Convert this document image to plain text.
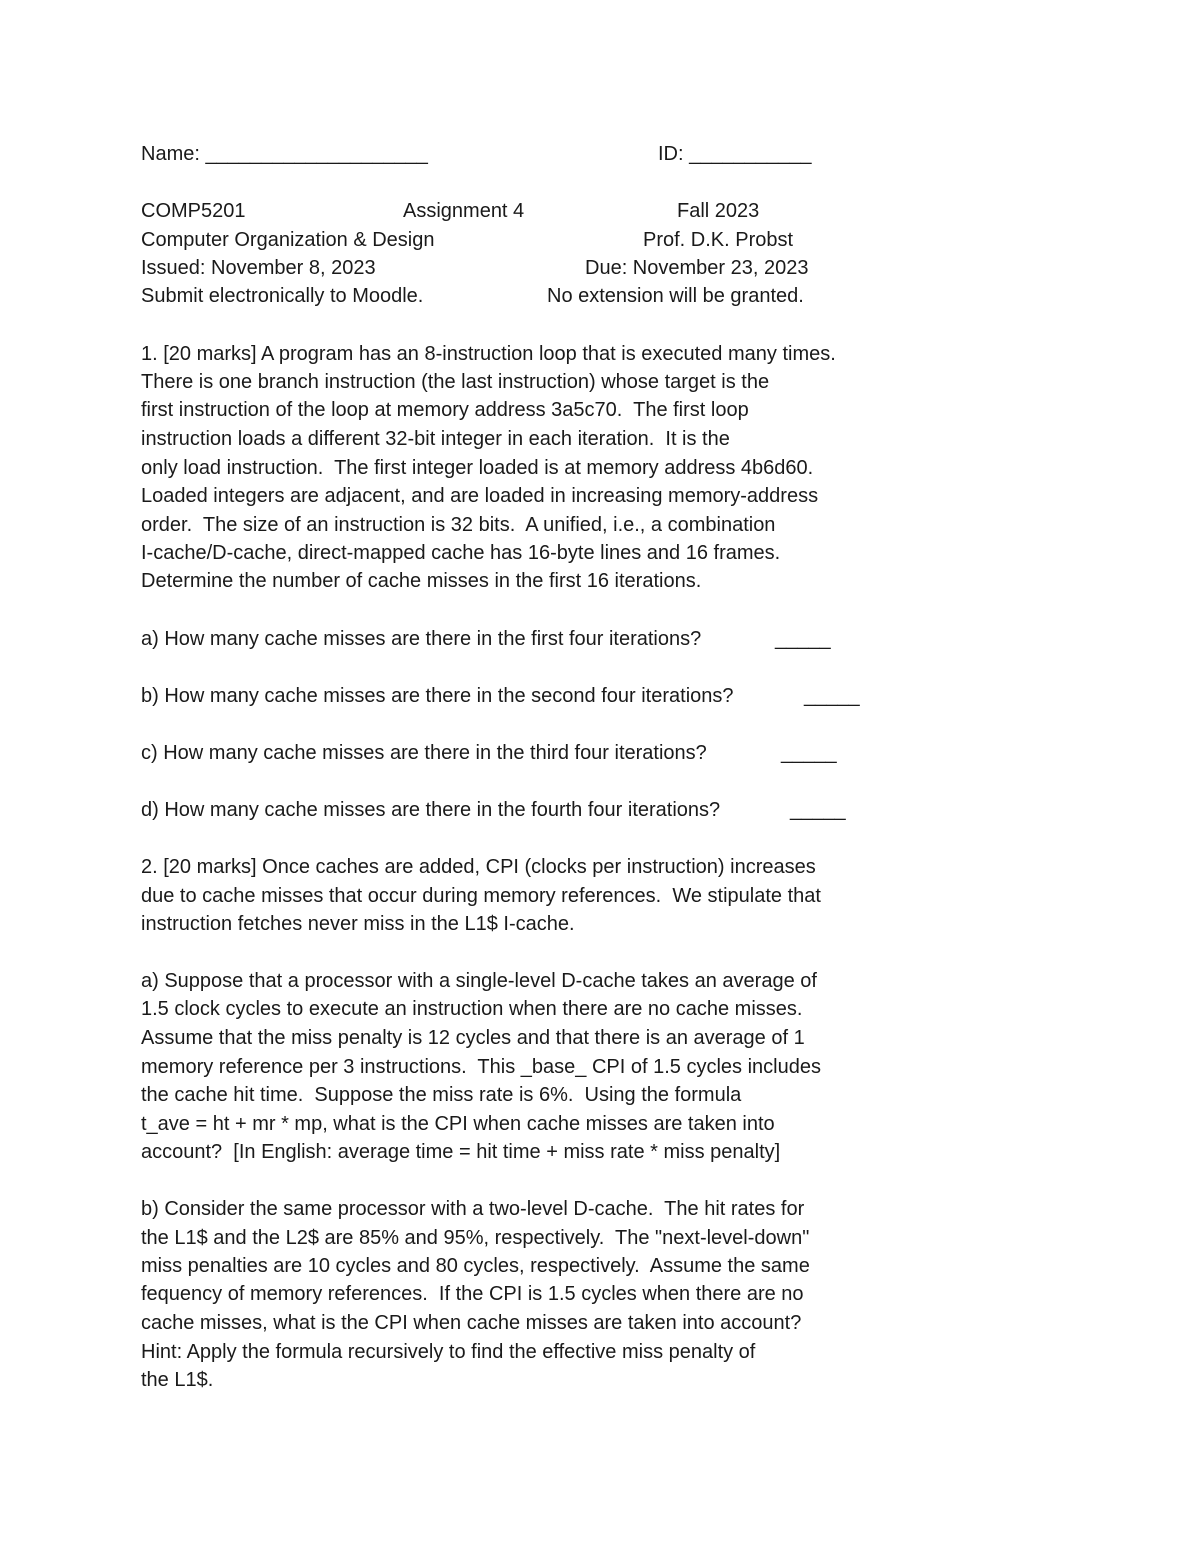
Name: ____________________	ID: ___________
COMP5201	Assignment 4	Fall 2023
Computer Organization & Design	Prof. D.K. Probst
Issued: November 8, 2023	Due: November 23, 2023
Submit electronically to Moodle.	No extension will be granted.
1. [20 marks] A program has an 8-instruction loop that is executed many times.
There is one branch instruction (the last instruction) whose target is the
first instruction of the loop at memory address 3a5c70.  The first loop
instruction loads a different 32-bit integer in each iteration.  It is the
only load instruction.  The first integer loaded is at memory address 4b6d60.
Loaded integers are adjacent, and are loaded in increasing memory-address
order.  The size of an instruction is 32 bits.  A unified, i.e., a combination
I-cache/D-cache, direct-mapped cache has 16-byte lines and 16 frames.
Determine the number of cache misses in the first 16 iterations.
a) How many cache misses are there in the first four iterations?	_____
b) How many cache misses are there in the second four iterations?	_____
c) How many cache misses are there in the third four iterations?	_____
d) How many cache misses are there in the fourth four iterations?	_____
2. [20 marks] Once caches are added, CPI (clocks per instruction) increases
due to cache misses that occur during memory references.  We stipulate that
instruction fetches never miss in the L1$ I-cache.
a) Suppose that a processor with a single-level D-cache takes an average of
1.5 clock cycles to execute an instruction when there are no cache misses.
Assume that the miss penalty is 12 cycles and that there is an average of 1
memory reference per 3 instructions.  This _base_ CPI of 1.5 cycles includes
the cache hit time.  Suppose the miss rate is 6%.  Using the formula
t_ave = ht + mr * mp, what is the CPI when cache misses are taken into
account?  [In English: average time = hit time + miss rate * miss penalty]
b) Consider the same processor with a two-level D-cache.  The hit rates for
the L1$ and the L2$ are 85% and 95%, respectively.  The "next-level-down"
miss penalties are 10 cycles and 80 cycles, respectively.  Assume the same
fequency of memory references.  If the CPI is 1.5 cycles when there are no
cache misses, what is the CPI when cache misses are taken into account?
Hint: Apply the formula recursively to find the effective miss penalty of
the L1$.
